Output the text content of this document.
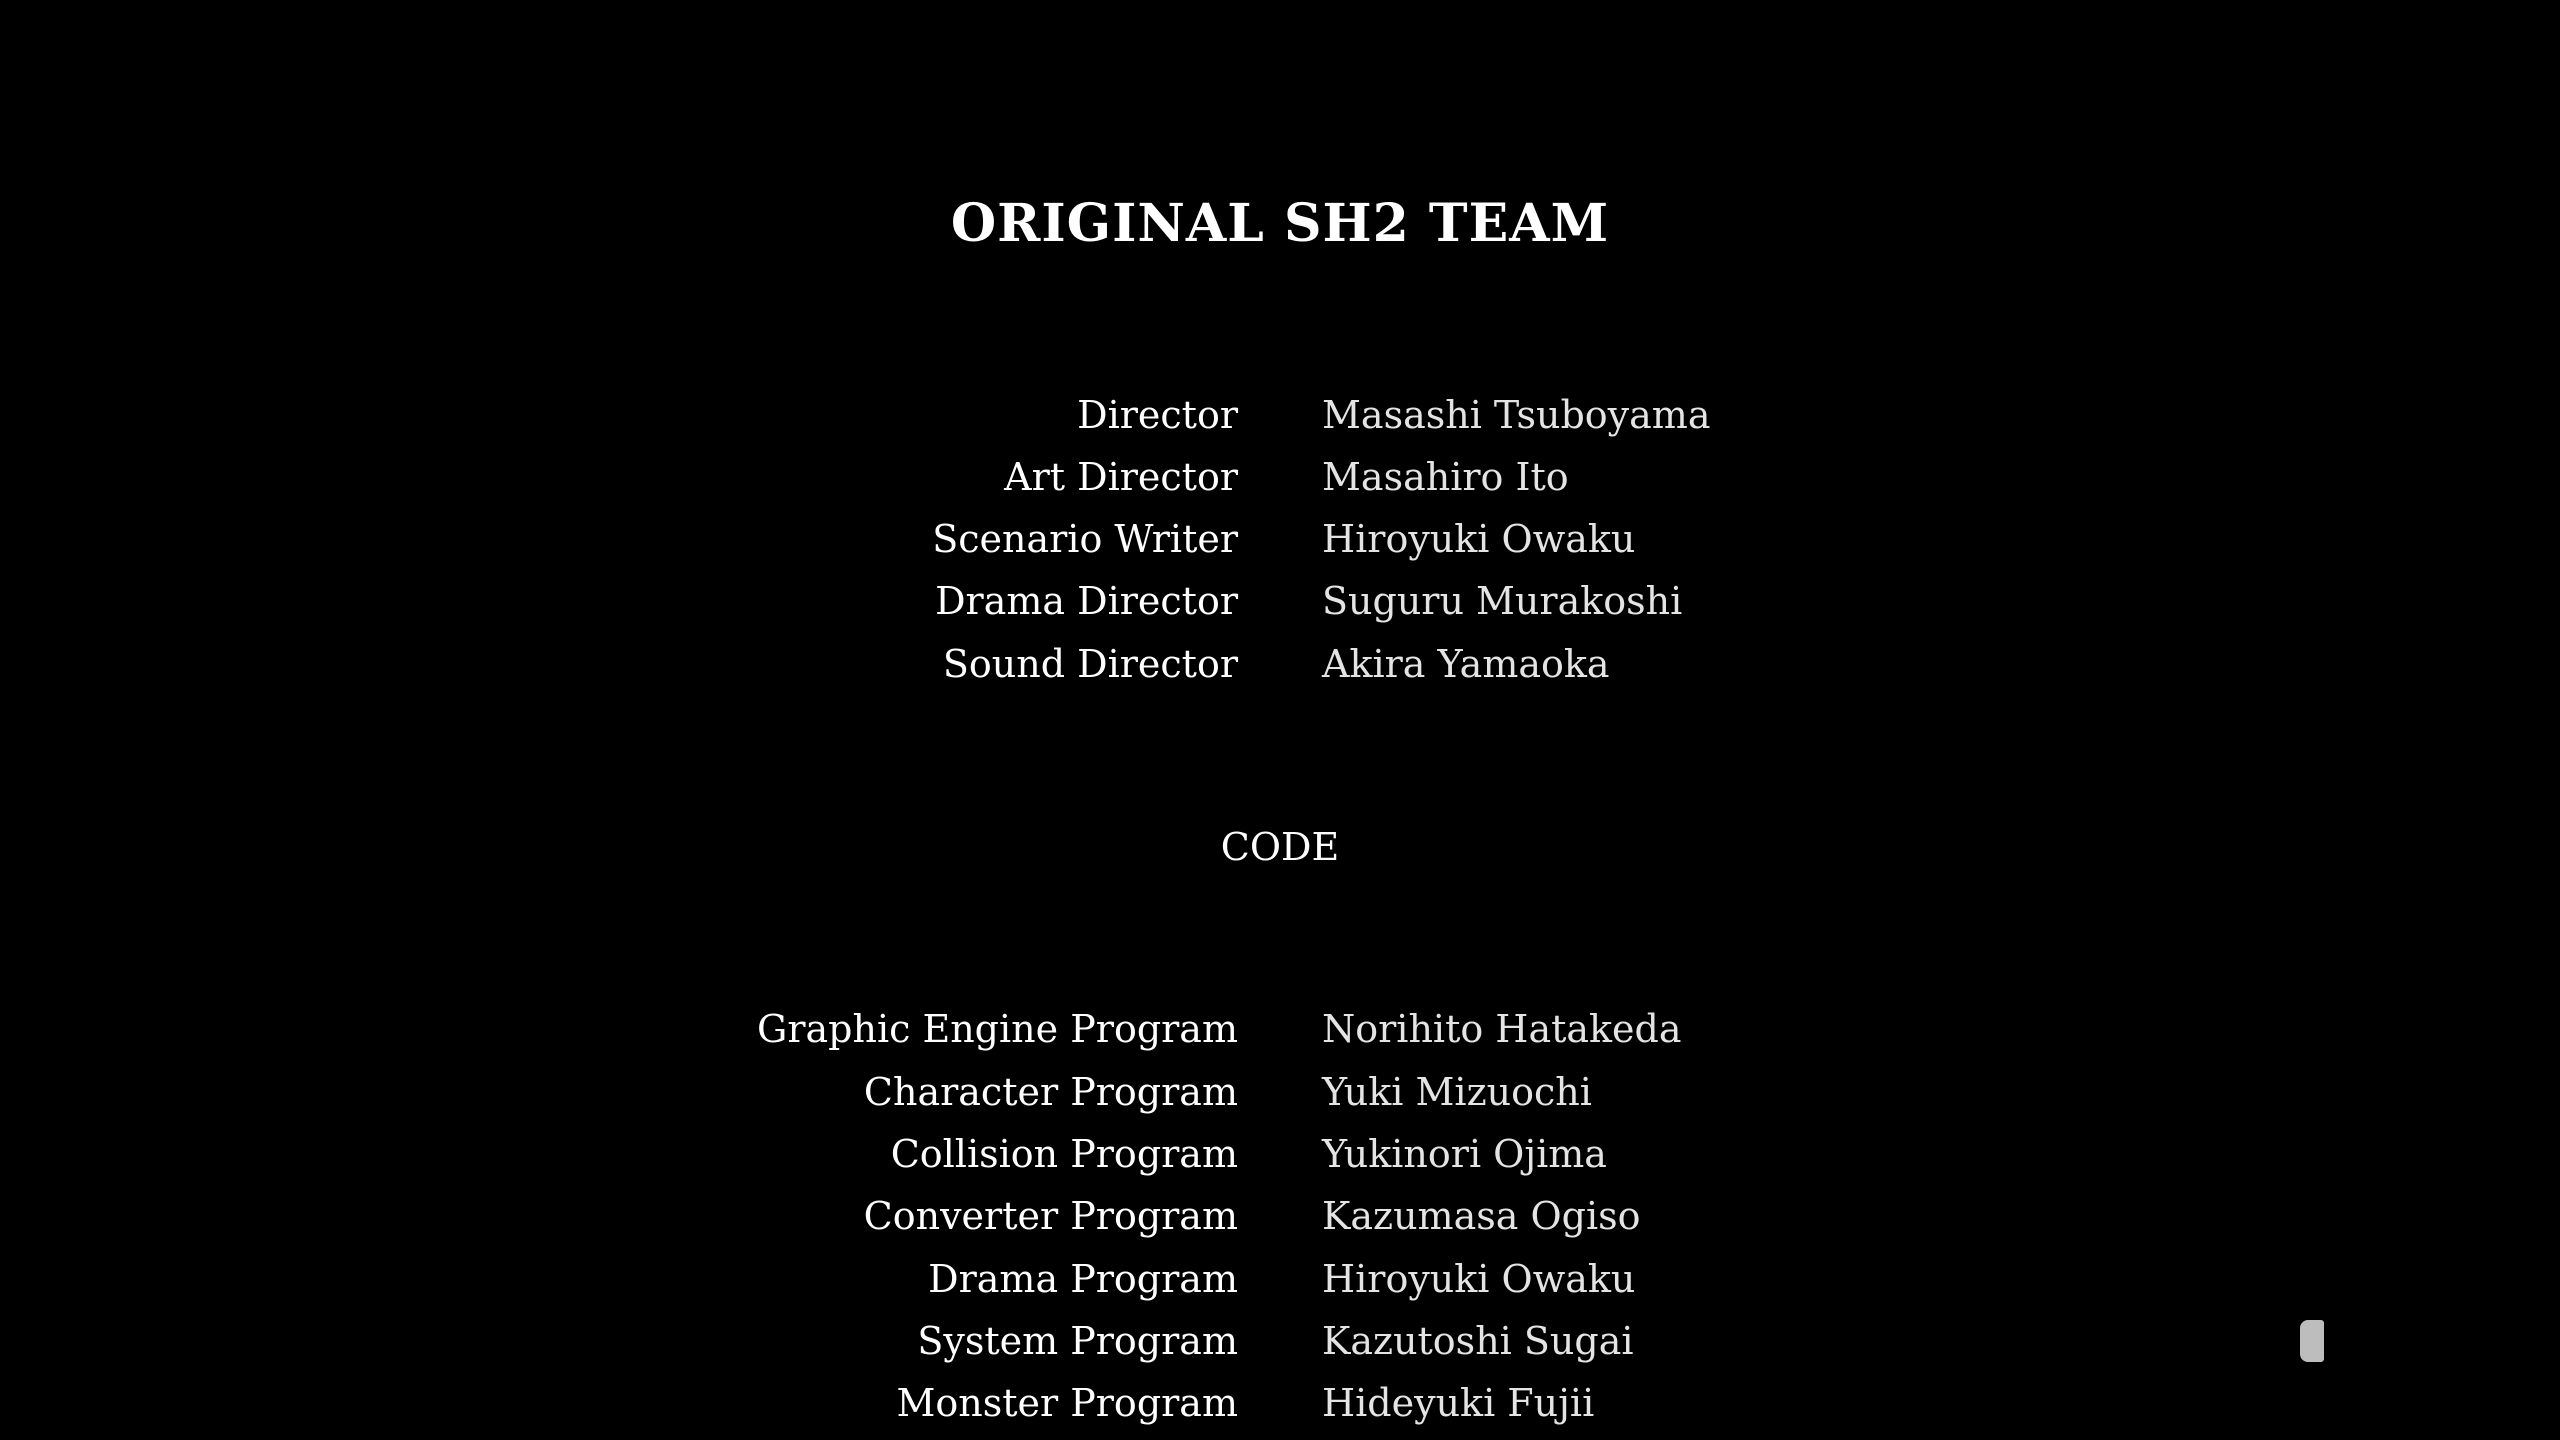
ORIGINAL SH2 TEAM
Director Masashi Tsuboyama
Art Director Masahiro Ito
Scenario Writer Hiroyuki Owaku
Drama Director Suguru Murakoshi
Sound Director Akira Yamaoka
CODE
Graphic Engine Program Norihito Hatakeda
Character Program Yuki Mizuochi
Collision Program Yukinori Ojima
Converter Program Kazumasa Ogiso
Drama Program Hiroyuki Owaku
System Program Kazutoshi Sugai
Monster Program Hideyuki Fujii
